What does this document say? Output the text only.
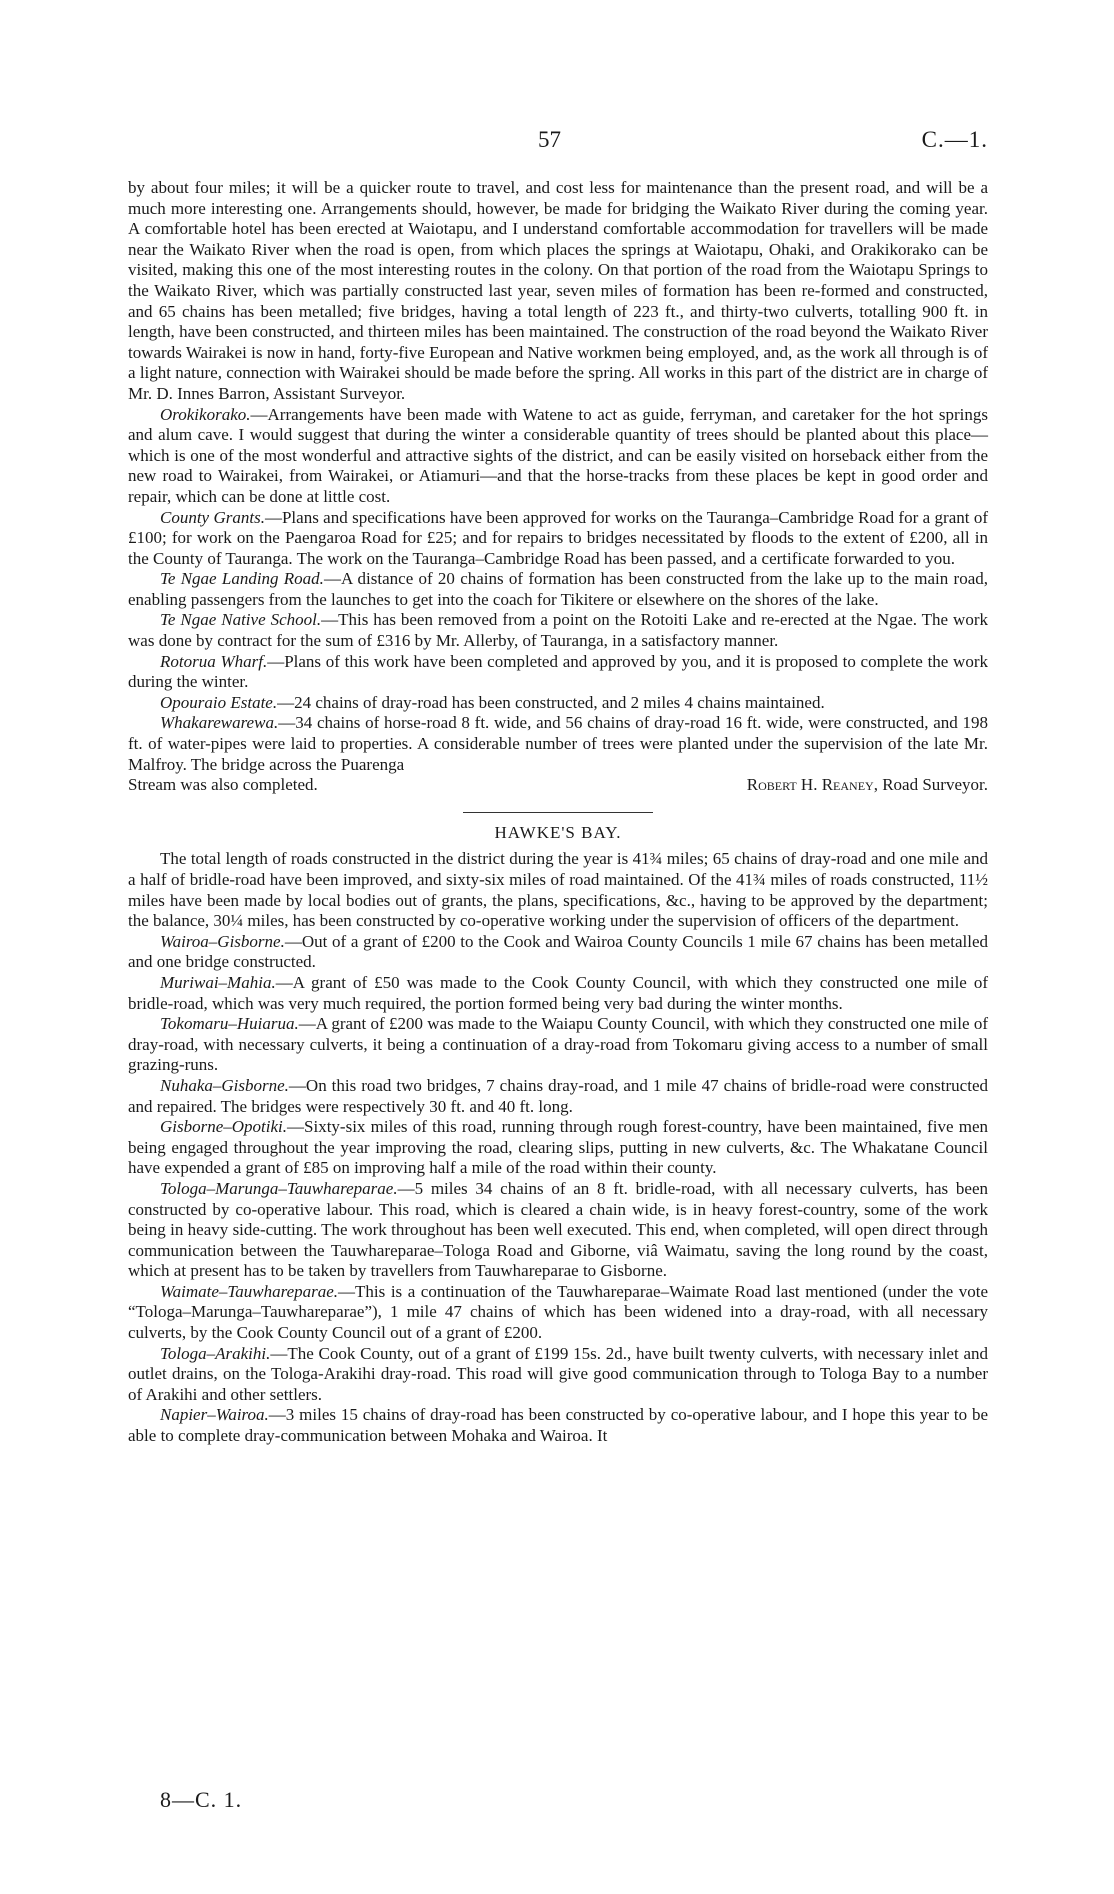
57	C.—1.

by about four miles; it will be a quicker route to travel, and cost less for maintenance than the present road, and will be a much more interesting one. Arrangements should, however, be made for bridging the Waikato River during the coming year. A comfortable hotel has been erected at Waiotapu, and I understand comfortable accommodation for travellers will be made near the Waikato River when the road is open, from which places the springs at Waiotapu, Ohaki, and Orakikorako can be visited, making this one of the most interesting routes in the colony. On that portion of the road from the Waiotapu Springs to the Waikato River, which was partially constructed last year, seven miles of formation has been re-formed and constructed, and 65 chains has been metalled; five bridges, having a total length of 223 ft., and thirty-two culverts, totalling 900 ft. in length, have been constructed, and thirteen miles has been maintained. The construction of the road beyond the Waikato River towards Wairakei is now in hand, forty-five European and Native workmen being employed, and, as the work all through is of a light nature, connection with Wairakei should be made before the spring. All works in this part of the district are in charge of Mr. D. Innes Barron, Assistant Surveyor.

Orokikorako.—Arrangements have been made with Watene to act as guide, ferryman, and caretaker for the hot springs and alum cave. I would suggest that during the winter a considerable quantity of trees should be planted about this place—which is one of the most wonderful and attractive sights of the district, and can be easily visited on horseback either from the new road to Wairakei, from Wairakei, or Atiamuri—and that the horse-tracks from these places be kept in good order and repair, which can be done at little cost.

County Grants.—Plans and specifications have been approved for works on the Tauranga–Cambridge Road for a grant of £100; for work on the Paengaroa Road for £25; and for repairs to bridges necessitated by floods to the extent of £200, all in the County of Tauranga. The work on the Tauranga–Cambridge Road has been passed, and a certificate forwarded to you.

Te Ngae Landing Road.—A distance of 20 chains of formation has been constructed from the lake up to the main road, enabling passengers from the launches to get into the coach for Tikitere or elsewhere on the shores of the lake.

Te Ngae Native School.—This has been removed from a point on the Rotoiti Lake and re-erected at the Ngae. The work was done by contract for the sum of £316 by Mr. Allerby, of Tauranga, in a satisfactory manner.

Rotorua Wharf.—Plans of this work have been completed and approved by you, and it is proposed to complete the work during the winter.

Opouraio Estate.—24 chains of dray-road has been constructed, and 2 miles 4 chains maintained.

Whakarewarewa.—34 chains of horse-road 8 ft. wide, and 56 chains of dray-road 16 ft. wide, were constructed, and 198 ft. of water-pipes were laid to properties. A considerable number of trees were planted under the supervision of the late Mr. Malfroy. The bridge across the Puarenga

Stream was also completed.	Robert H. Reaney, Road Surveyor.
HAWKE'S BAY.

The total length of roads constructed in the district during the year is 41¾ miles; 65 chains of dray-road and one mile and a half of bridle-road have been improved, and sixty-six miles of road maintained. Of the 41¾ miles of roads constructed, 11½ miles have been made by local bodies out of grants, the plans, specifications, &c., having to be approved by the department; the balance, 30¼ miles, has been constructed by co-operative working under the supervision of officers of the department.

Wairoa–Gisborne.—Out of a grant of £200 to the Cook and Wairoa County Councils 1 mile 67 chains has been metalled and one bridge constructed.

Muriwai–Mahia.—A grant of £50 was made to the Cook County Council, with which they constructed one mile of bridle-road, which was very much required, the portion formed being very bad during the winter months.

Tokomaru–Huiarua.—A grant of £200 was made to the Waiapu County Council, with which they constructed one mile of dray-road, with necessary culverts, it being a continuation of a dray-road from Tokomaru giving access to a number of small grazing-runs.

Nuhaka–Gisborne.—On this road two bridges, 7 chains dray-road, and 1 mile 47 chains of bridle-road were constructed and repaired. The bridges were respectively 30 ft. and 40 ft. long.

Gisborne–Opotiki.—Sixty-six miles of this road, running through rough forest-country, have been maintained, five men being engaged throughout the year improving the road, clearing slips, putting in new culverts, &c. The Whakatane Council have expended a grant of £85 on improving half a mile of the road within their county.

Tologa–Marunga–Tauwhareparae.—5 miles 34 chains of an 8 ft. bridle-road, with all necessary culverts, has been constructed by co-operative labour. This road, which is cleared a chain wide, is in heavy forest-country, some of the work being in heavy side-cutting. The work throughout has been well executed. This end, when completed, will open direct through communication between the Tauwhareparae–Tologa Road and Giborne, viâ Waimatu, saving the long round by the coast, which at present has to be taken by travellers from Tauwhareparae to Gisborne.

Waimate–Tauwhareparae.—This is a continuation of the Tauwhareparae–Waimate Road last mentioned (under the vote “Tologa–Marunga–Tauwhareparae”), 1 mile 47 chains of which has been widened into a dray-road, with all necessary culverts, by the Cook County Council out of a grant of £200.

Tologa–Arakihi.—The Cook County, out of a grant of £199 15s. 2d., have built twenty culverts, with necessary inlet and outlet drains, on the Tologa-Arakihi dray-road. This road will give good communication through to Tologa Bay to a number of Arakihi and other settlers.

Napier–Wairoa.—3 miles 15 chains of dray-road has been constructed by co-operative labour, and I hope this year to be able to complete dray-communication between Mohaka and Wairoa. It

8—C. 1.
